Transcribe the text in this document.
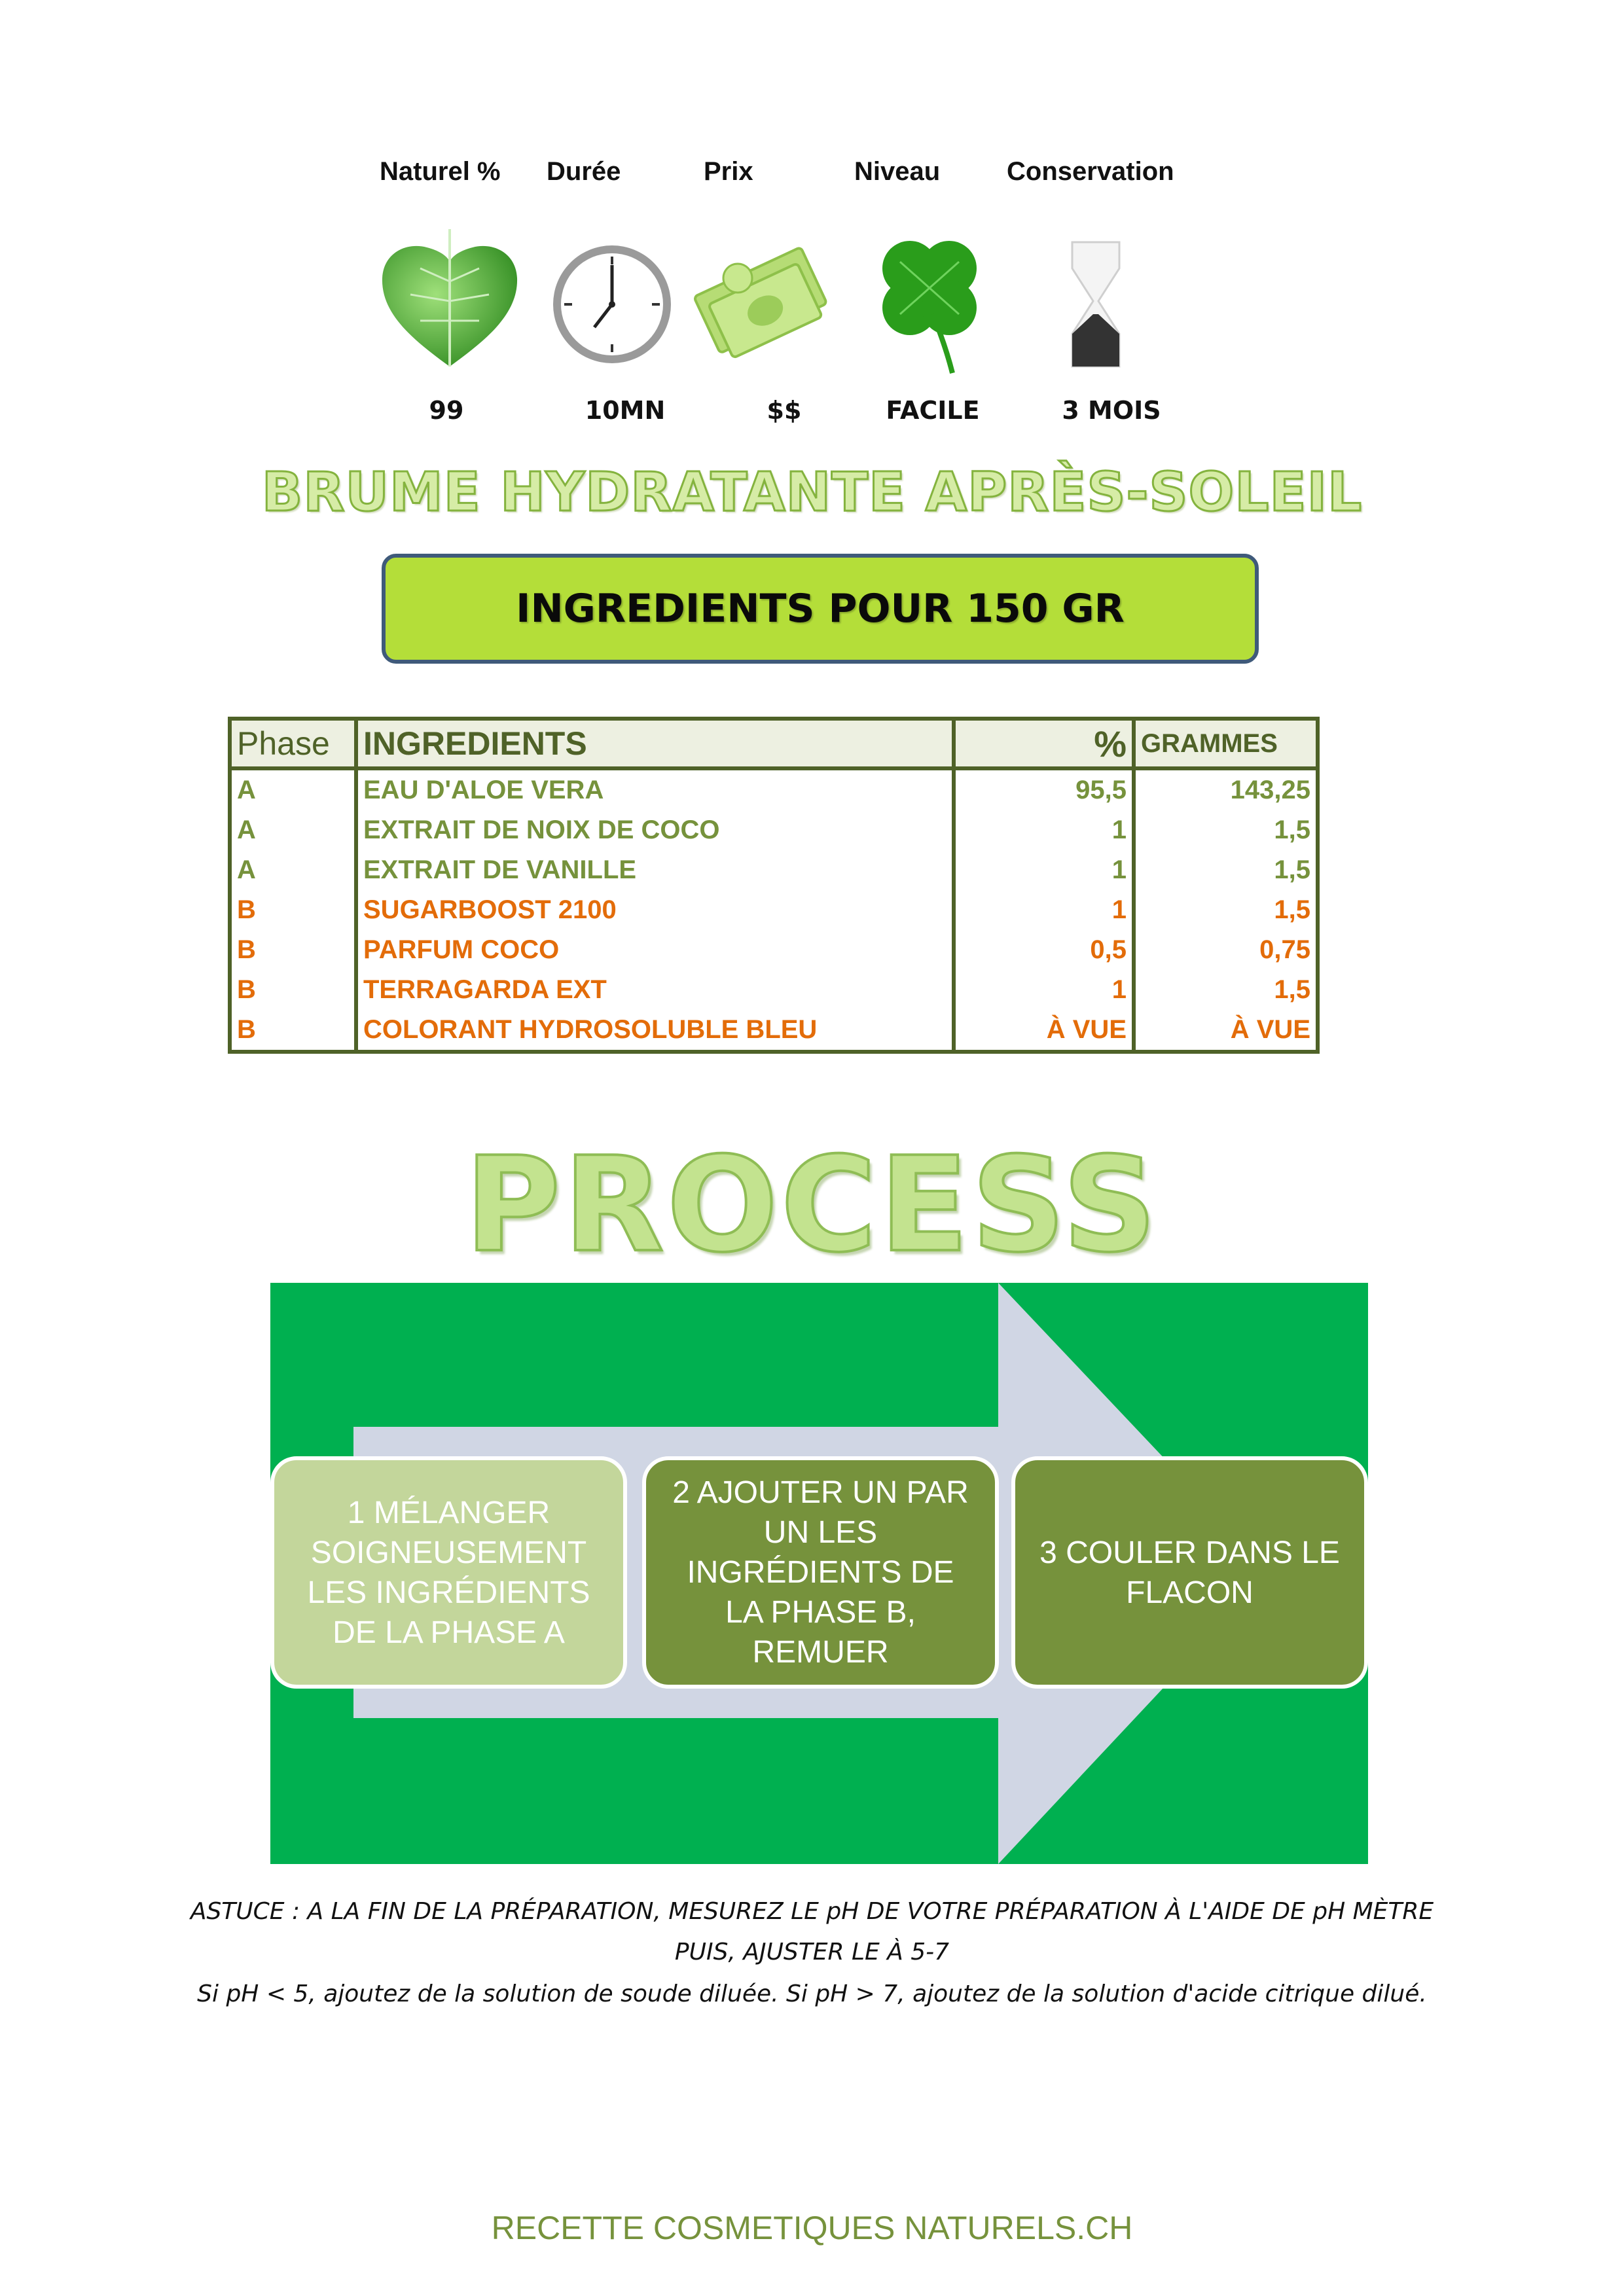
Naturel % Durée	Prix	Niveau	Conservation
99	10MN	$$	FACILE	3 MOIS
BRUME HYDRATANTE APRÈS-SOLEIL
INGREDIENTS POUR 150 GR
Phase	INGREDIENTS	%	GRAMMES
A	EAU D'ALOE VERA	95,5	143,25
A	EXTRAIT DE NOIX DE COCO	1	1,5
A	EXTRAIT DE VANILLE	1	1,5
B	SUGARBOOST 2100	1	1,5
B	PARFUM COCO	0,5	0,75
B	TERRAGARDA EXT	1	1,5
B	COLORANT HYDROSOLUBLE BLEU	À VUE	À VUE
PROCESS
1 MÉLANGER SOIGNEUSEMENT LES INGRÉDIENTS DE LA PHASE A
2 AJOUTER UN PAR UN LES INGRÉDIENTS DE LA PHASE B, REMUER
3 COULER DANS LE FLACON
ASTUCE : A LA FIN DE LA PRÉPARATION, MESUREZ LE pH DE VOTRE PRÉPARATION À L'AIDE DE pH MÈTRE
PUIS, AJUSTER LE À 5-7
Si pH < 5, ajoutez de la solution de soude diluée. Si pH > 7, ajoutez de la solution d'acide citrique dilué.
RECETTE COSMETIQUES NATURELS.CH
